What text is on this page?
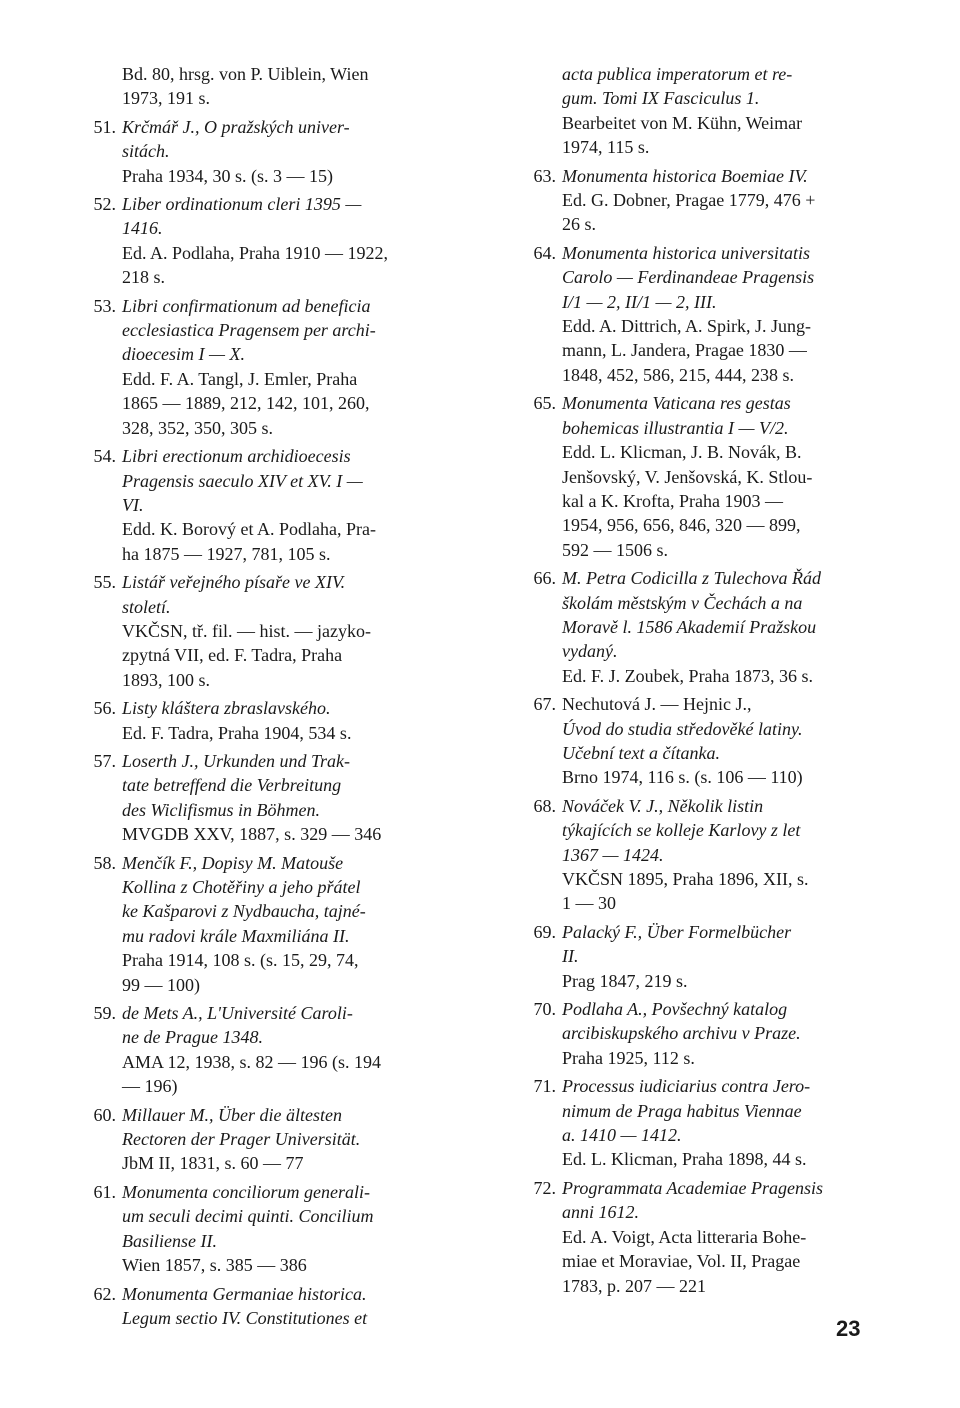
Bd. 80, hrsg. von P. Uiblein, Wien
1973, 191 s.
51. Krčmář J., O pražských univer-
sitách.
Praha 1934, 30 s. (s. 3 — 15)
52. Liber ordinationum cleri 1395 —
1416.
Ed. A. Podlaha, Praha 1910 — 1922,
218 s.
53. Libri confirmationum ad beneficia
ecclesiastica Pragensem per archi-
dioecesim I — X.
Edd. F. A. Tangl, J. Emler, Praha
1865 — 1889, 212, 142, 101, 260,
328, 352, 350, 305 s.
54. Libri erectionum archidioecesis
Pragensis saeculo XIV et XV. I —
VI.
Edd. K. Borový et A. Podlaha, Pra-
ha 1875 — 1927, 781, 105 s.
55. Listář veřejného písaře ve XIV.
století.
VKČSN, tř. fil. — hist. — jazyko-
zpytná VII, ed. F. Tadra, Praha
1893, 100 s.
56. Listy kláštera zbraslavského.
Ed. F. Tadra, Praha 1904, 534 s.
57. Loserth J., Urkunden und Trak-
tate betreffend die Verbreitung
des Wiclifismus in Böhmen.
MVGDB XXV, 1887, s. 329 — 346
58. Menčík F., Dopisy M. Matouše
Kollina z Chotěřiny a jeho přátel
ke Kašparovi z Nydbaucha, tajné-
mu radovi krále Maxmiliána II.
Praha 1914, 108 s. (s. 15, 29, 74,
99 — 100)
59. de Mets A., L'Université Caroli-
ne de Prague 1348.
AMA 12, 1938, s. 82 — 196 (s. 194
— 196)
60. Millauer M., Über die ältesten
Rectoren der Prager Universität.
JbM II, 1831, s. 60 — 77
61. Monumenta conciliorum generali-
um seculi decimi quinti. Concilium
Basiliense II.
Wien 1857, s. 385 — 386
62. Monumenta Germaniae historica.
Legum sectio IV. Constitutiones et
acta publica imperatorum et re-
gum. Tomi IX Fasciculus 1.
Bearbeitet von M. Kühn, Weimar
1974, 115 s.
63. Monumenta historica Boemiae IV.
Ed. G. Dobner, Pragae 1779, 476 +
26 s.
64. Monumenta historica universitatis
Carolo — Ferdinandeae Pragensis
I/1 — 2, II/1 — 2, III.
Edd. A. Dittrich, A. Spirk, J. Jung-
mann, L. Jandera, Pragae 1830 —
1848, 452, 586, 215, 444, 238 s.
65. Monumenta Vaticana res gestas
bohemicas illustrantia I — V/2.
Edd. L. Klicman, J. B. Novák, B.
Jenšovský, V. Jenšovská, K. Stlou-
kal a K. Krofta, Praha 1903 —
1954, 956, 656, 846, 320 — 899,
592 — 1506 s.
66. M. Petra Codicilla z Tulechova Řád
školám městským v Čechách a na
Moravě l. 1586 Akademií Pražskou
vydaný.
Ed. F. J. Zoubek, Praha 1873, 36 s.
67. Nechutová J. — Hejnic J.,
Úvod do studia středověké latiny.
Učební text a čítanka.
Brno 1974, 116 s. (s. 106 — 110)
68. Nováček V. J., Několik listin
týkajících se kolleje Karlovy z let
1367 — 1424.
VKČSN 1895, Praha 1896, XII, s.
1 — 30
69. Palacký F., Über Formelbücher
II.
Prag 1847, 219 s.
70. Podlaha A., Povšechný katalog
arcibiskupského archivu v Praze.
Praha 1925, 112 s.
71. Processus iudiciarius contra Jero-
nimum de Praga habitus Viennae
a. 1410 — 1412.
Ed. L. Klicman, Praha 1898, 44 s.
72. Programmata Academiae Pragensis
anni 1612.
Ed. A. Voigt, Acta litteraria Bohe-
miae et Moraviae, Vol. II, Pragae
1783, p. 207 — 221
23
